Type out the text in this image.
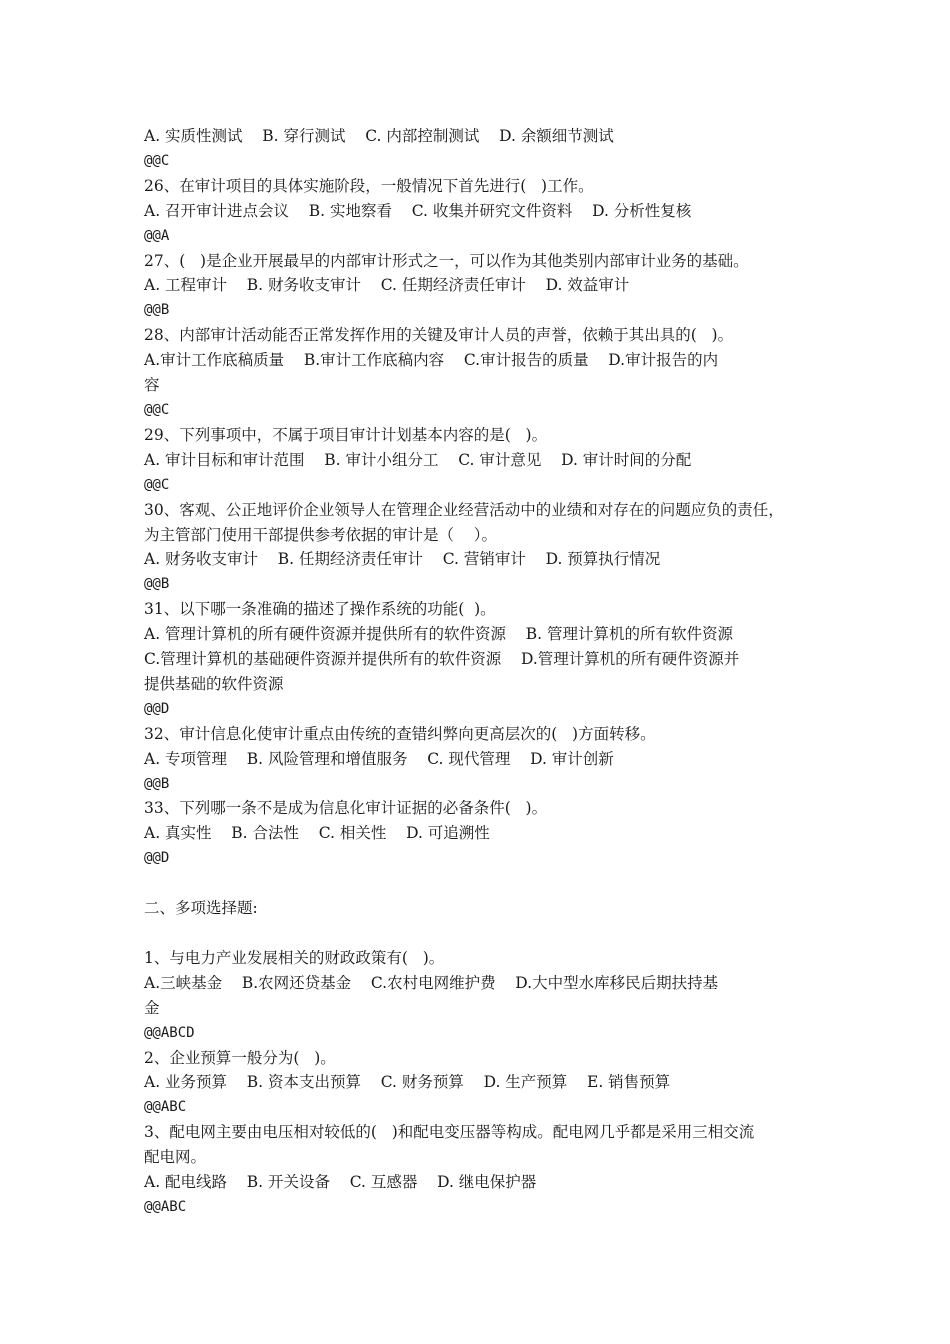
A. 实质性测试    B. 穿行测试    C. 内部控制测试    D. 余额细节测试
@@C
26、在审计项目的具体实施阶段，一般情况下首先进行(   )工作。
A. 召开审计进点会议    B. 实地察看    C. 收集并研究文件资料    D. 分析性复核
@@A
27、(   )是企业开展最早的内部审计形式之一，可以作为其他类别内部审计业务的基础。
A. 工程审计    B. 财务收支审计    C. 任期经济责任审计    D. 效益审计
@@B
28、内部审计活动能否正常发挥作用的关键及审计人员的声誉，依赖于其出具的(   )。
A.审计工作底稿质量    B.审计工作底稿内容    C.审计报告的质量    D.审计报告的内
容
@@C
29、下列事项中，不属于项目审计计划基本内容的是(   )。
A. 审计目标和审计范围    B. 审计小组分工    C. 审计意见    D. 审计时间的分配
@@C
30、客观、公正地评价企业领导人在管理企业经营活动中的业绩和对存在的问题应负的责任，
为主管部门使用干部提供参考依据的审计是（    ）。
A. 财务收支审计    B. 任期经济责任审计    C. 营销审计    D. 预算执行情况
@@B
31、以下哪一条准确的描述了操作系统的功能(  )。
A. 管理计算机的所有硬件资源并提供所有的软件资源    B. 管理计算机的所有软件资源
C.管理计算机的基础硬件资源并提供所有的软件资源    D.管理计算机的所有硬件资源并
提供基础的软件资源
@@D
32、审计信息化使审计重点由传统的查错纠弊向更高层次的(   )方面转移。
A. 专项管理    B. 风险管理和增值服务    C. 现代管理    D. 审计创新
@@B
33、下列哪一条不是成为信息化审计证据的必备条件(   )。
A. 真实性    B. 合法性    C. 相关性    D. 可追溯性
@@D
二、多项选择题:
1、与电力产业发展相关的财政政策有(   )。
A.三峡基金    B.农网还贷基金    C.农村电网维护费    D.大中型水库移民后期扶持基
金
@@ABCD
2、企业预算一般分为(   )。
A. 业务预算    B. 资本支出预算    C. 财务预算    D. 生产预算    E. 销售预算
@@ABC
3、配电网主要由电压相对较低的(   )和配电变压器等构成。配电网几乎都是采用三相交流
配电网。
A. 配电线路    B. 开关设备    C. 互感器    D. 继电保护器
@@ABC
